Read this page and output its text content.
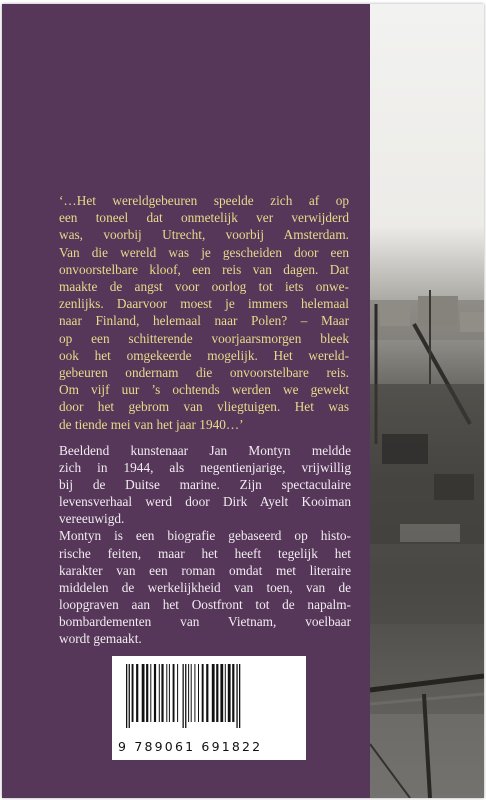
‘…Het wereldgebeuren speelde zich af op
een toneel dat onmetelijk ver verwijderd
was, voorbij Utrecht, voorbij Amsterdam.
Van die wereld was je gescheiden door een
onvoorstelbare kloof, een reis van dagen. Dat
maakte de angst voor oorlog tot iets onwe-
zenlijks. Daarvoor moest je immers helemaal
naar Finland, helemaal naar Polen? – Maar
op een schitterende voorjaarsmorgen bleek
ook het omgekeerde mogelijk. Het wereld-
gebeuren ondernam die onvoorstelbare reis.
Om vijf uur ’s ochtends werden we gewekt
door het gebrom van vliegtuigen. Het was
de tiende mei van het jaar 1940…’

Beeldend kunstenaar Jan Montyn meldde
zich in 1944, als negentienjarige, vrijwillig
bij de Duitse marine. Zijn spectaculaire
levensverhaal werd door Dirk Ayelt Kooiman
vereeuwigd.
Montyn is een biografie gebaseerd op histo-
rische feiten, maar het heeft tegelijk het
karakter van een roman omdat met literaire
middelen de werkelijkheid van toen, van de
loopgraven aan het Oostfront tot de napalm-
bombardementen van Vietnam, voelbaar
wordt gemaakt.

9 789061 691822
